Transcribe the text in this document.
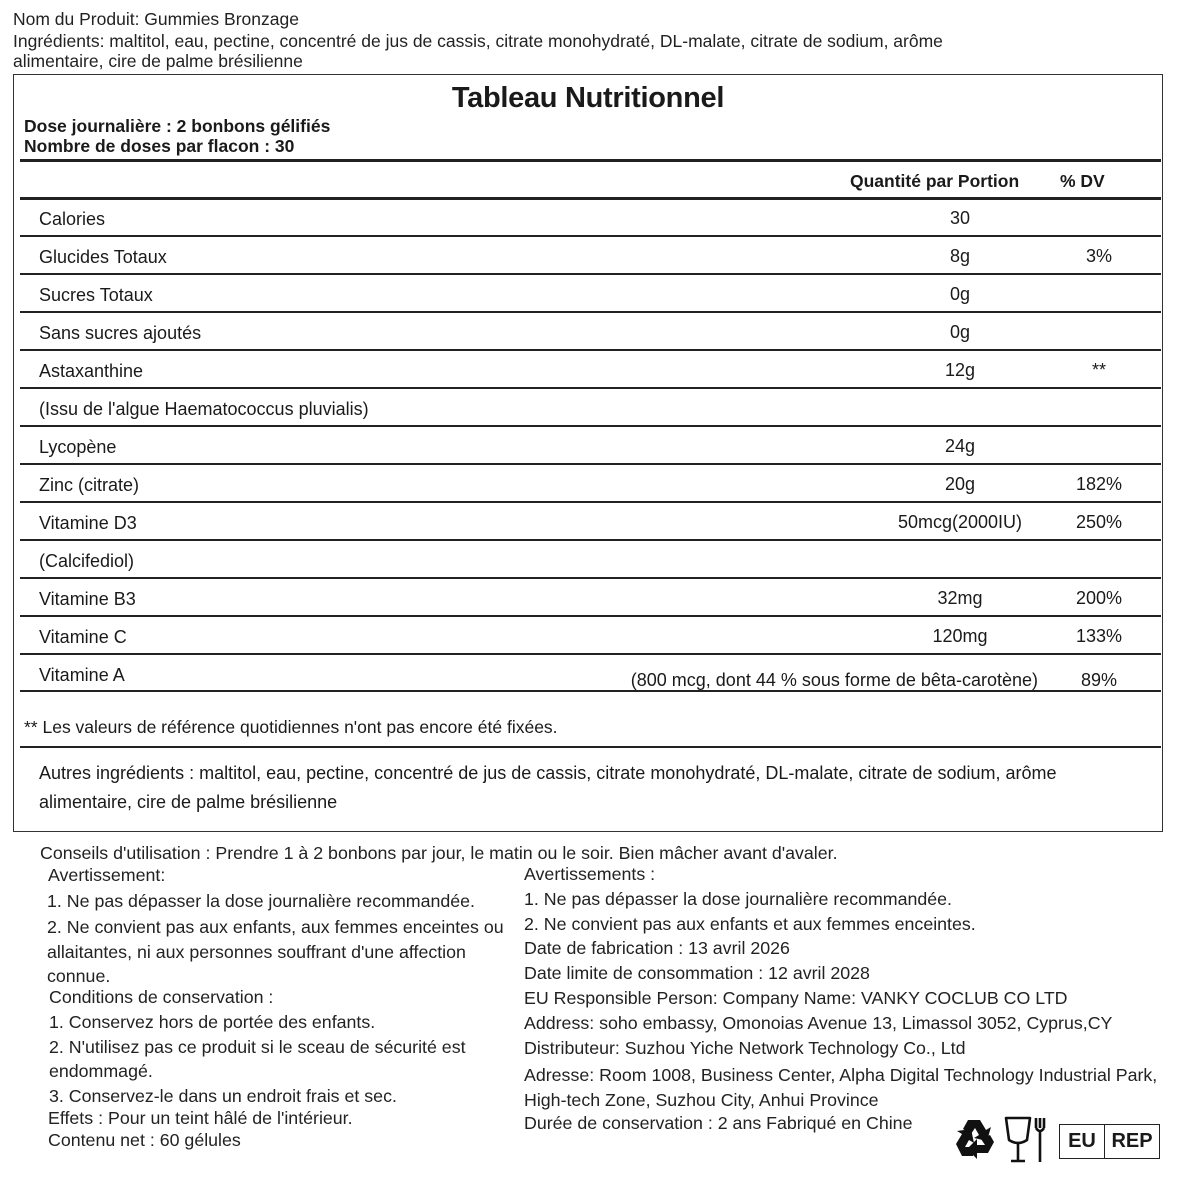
Nom du Produit: Gummies Bronzage
Ingrédients: maltitol, eau, pectine, concentré de jus de cassis, citrate monohydraté, DL-malate, citrate de sodium, arôme
alimentaire, cire de palme brésilienne
Tableau Nutritionnel
Dose journalière : 2 bonbons gélifiés
Nombre de doses par flacon : 30
Quantité par Portion % DV
Calories	30
Glucides Totaux	8g	3%
Sucres Totaux	0g
Sans sucres ajoutés	0g
Astaxanthine	12g	**
(Issu de l'algue Haematococcus pluvialis)
Lycopène	24g
Zinc (citrate)	20g	182%
Vitamine D3	50mcg(2000IU)	250%
(Calcifediol)
Vitamine B3	32mg	200%
Vitamine C	120mg	133%
Vitamine A	(800 mcg, dont 44 % sous forme de bêta-carotène) 89%
** Les valeurs de référence quotidiennes n'ont pas encore été fixées.
Autres ingrédients : maltitol, eau, pectine, concentré de jus de cassis, citrate monohydraté, DL-malate, citrate de sodium, arôme alimentaire, cire de palme brésilienne
Conseils d'utilisation : Prendre 1 à 2 bonbons par jour, le matin ou le soir. Bien mâcher avant d'avaler.
Avertissement:
1. Ne pas dépasser la dose journalière recommandée.
2. Ne convient pas aux enfants, aux femmes enceintes ou allaitantes, ni aux personnes souffrant d'une affection connue.
Conditions de conservation :
1. Conservez hors de portée des enfants.
2. N'utilisez pas ce produit si le sceau de sécurité est endommagé.
3. Conservez-le dans un endroit frais et sec.
Effets : Pour un teint hâlé de l'intérieur.
Contenu net : 60 gélules
Avertissements :
1. Ne pas dépasser la dose journalière recommandée.
2. Ne convient pas aux enfants et aux femmes enceintes.
Date de fabrication : 13 avril 2026
Date limite de consommation : 12 avril 2028
EU Responsible Person: Company Name: VANKY COCLUB CO LTD
Address: soho embassy, Omonoias Avenue 13, Limassol 3052, Cyprus,CY
Distributeur: Suzhou Yiche Network Technology Co., Ltd
Adresse: Room 1008, Business Center, Alpha Digital Technology Industrial Park, High-tech Zone, Suzhou City, Anhui Province
Durée de conservation : 2 ans Fabriqué en Chine
EU REP
